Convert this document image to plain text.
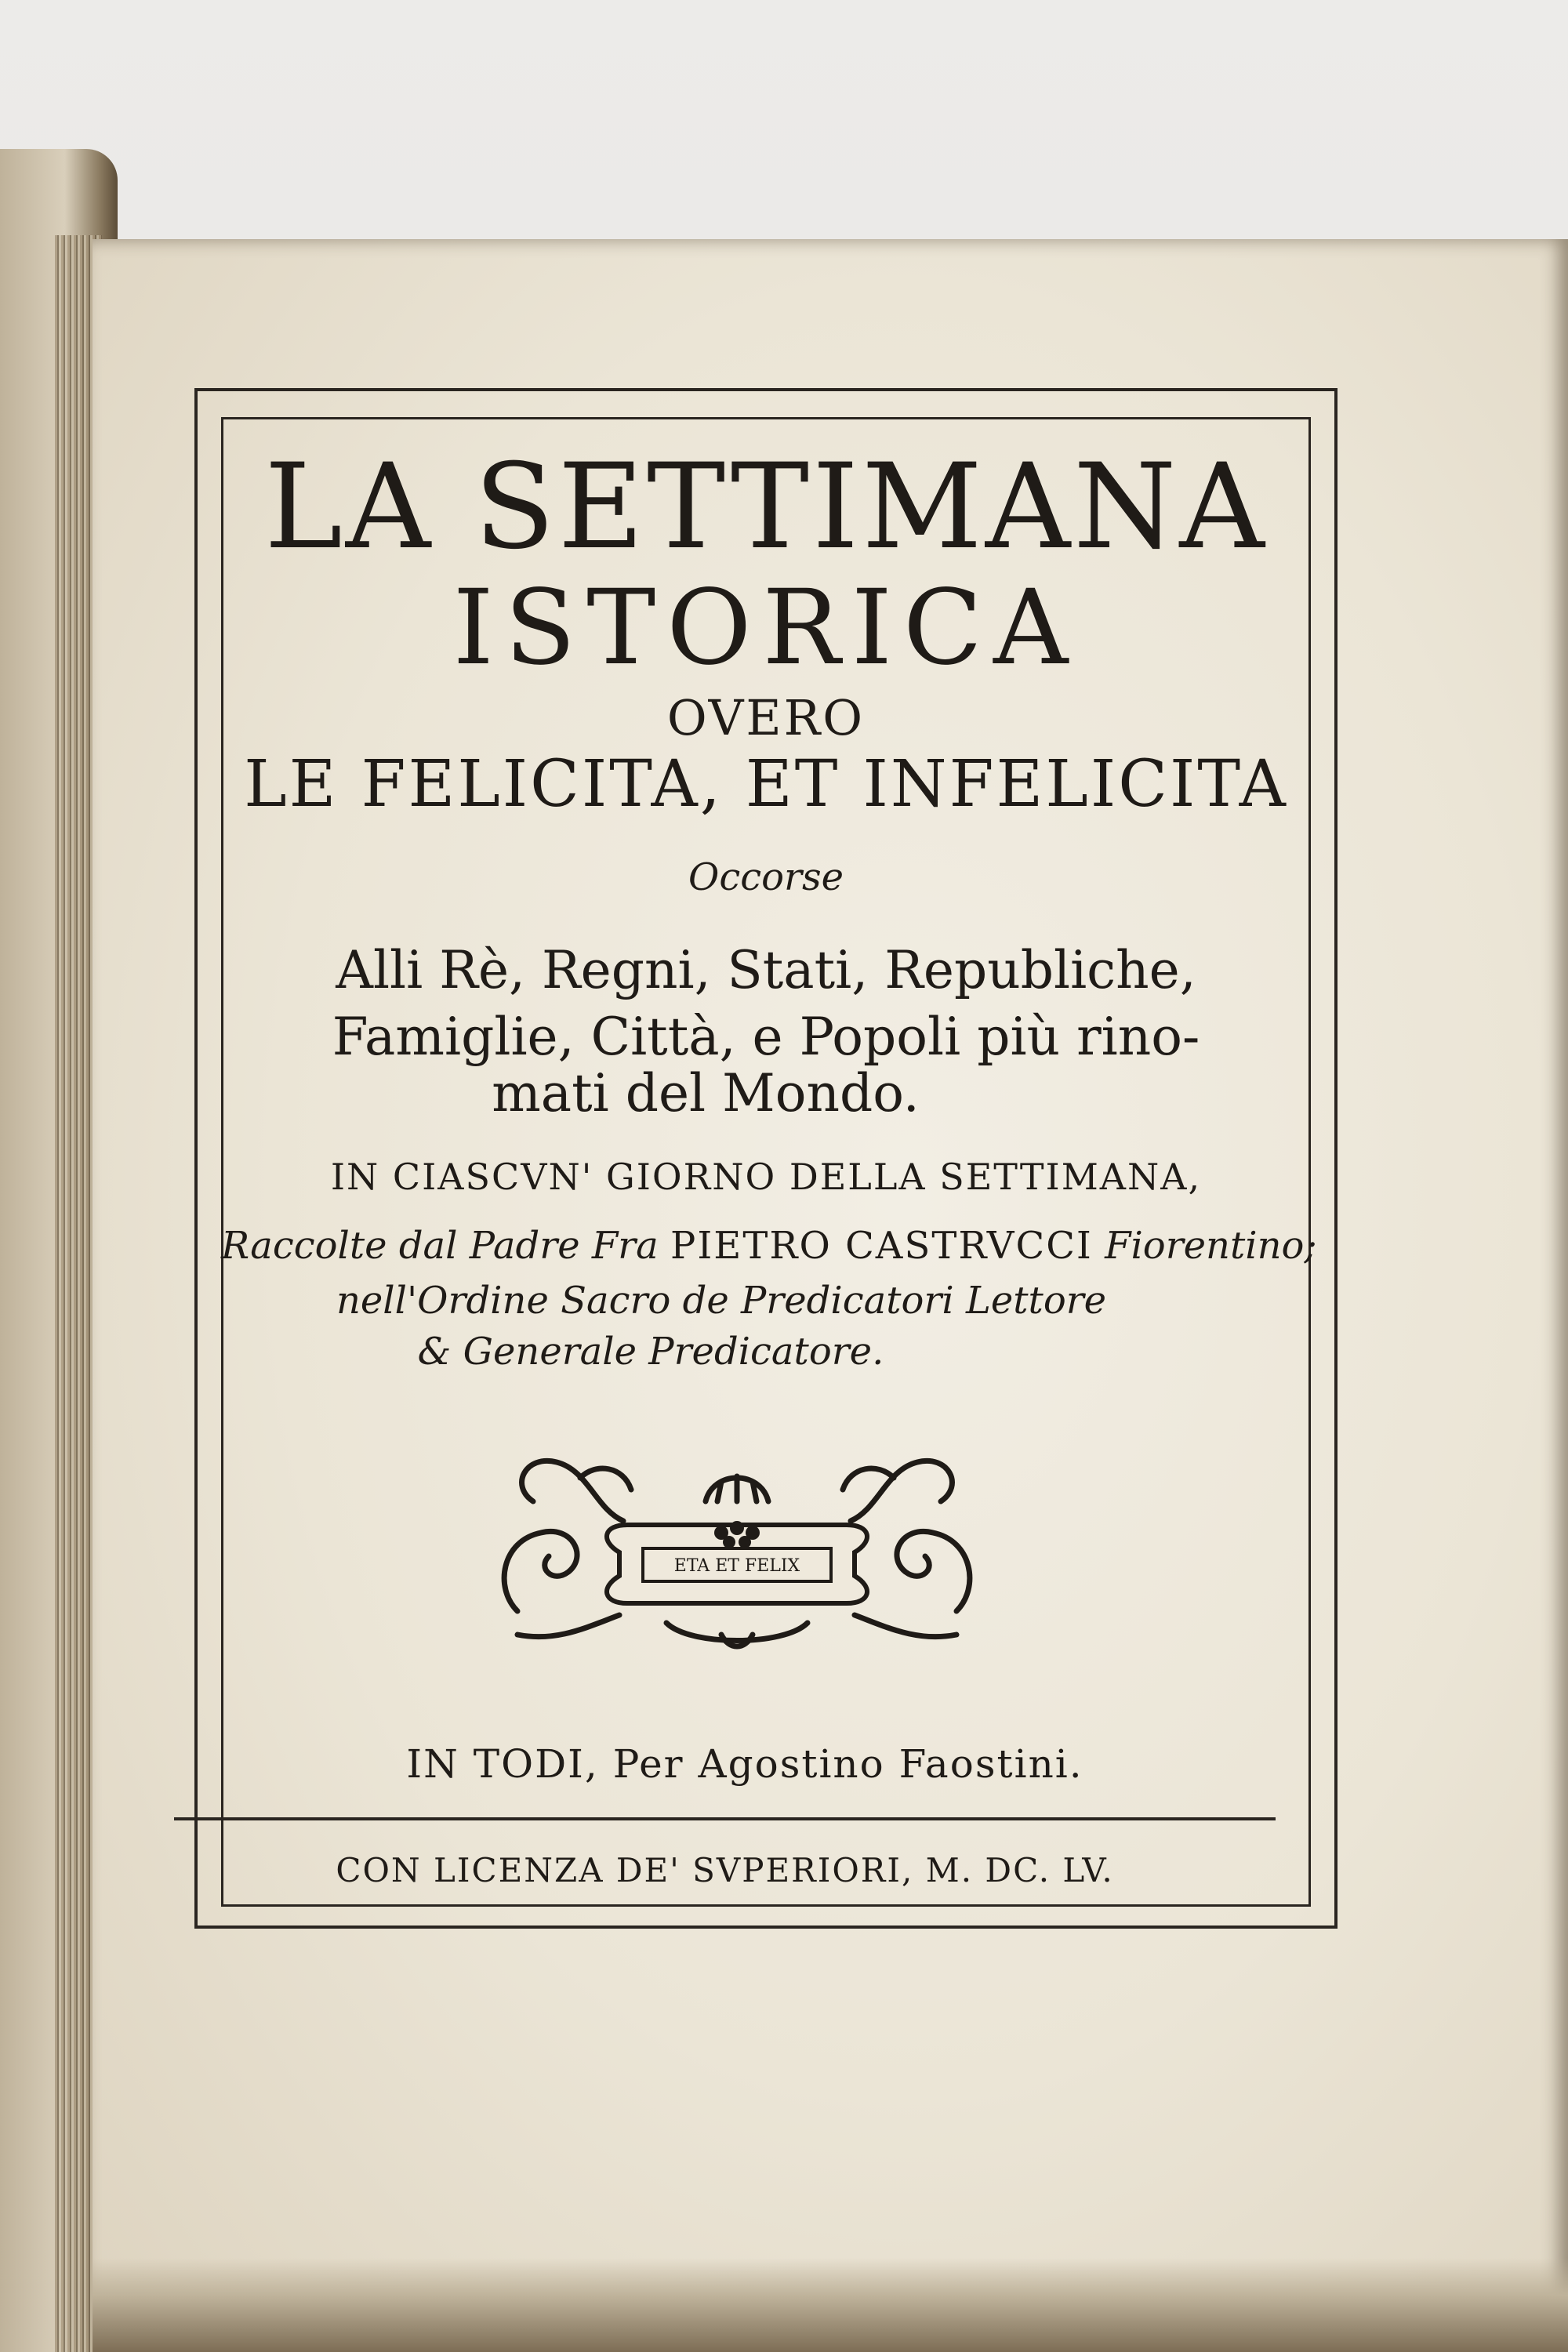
LA SETTIMANA
ISTORICA
OVERO
LE FELICITA, ET INFELICITA
Occorse
Alli Rè, Regni, Stati, Republiche,
Famiglie, Città, e Popoli più rino-
mati del Mondo.
IN CIASCVN' GIORNO DELLA SETTIMANA,
Raccolte dal Padre Fra PIETRO CASTRVCCI Fiorentino;
nell'Ordine Sacro de Predicatori Lettore
& Generale Predicatore.
ETA ET FELIX
IN TODI, Per Agostino Faostini.
CON LICENZA DE' SVPERIORI, M. DC. LV.
